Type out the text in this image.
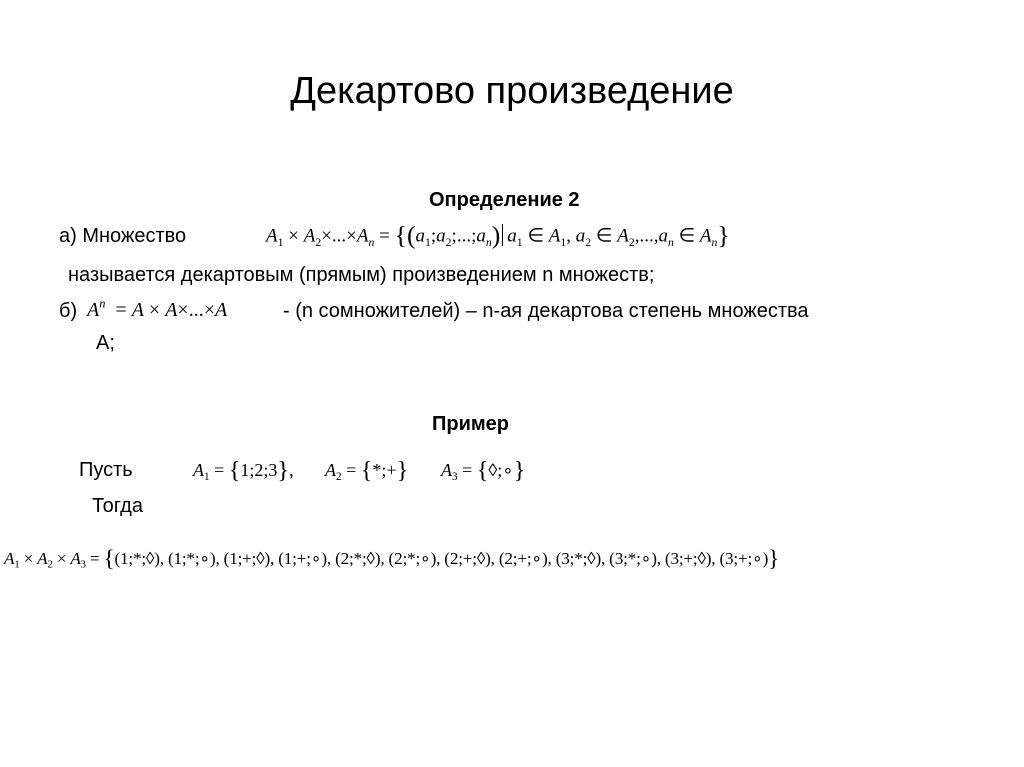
Декартово произведение
Определение 2
а) Множество	$A_1 \times A_2\times...\times A_n$ = {$(a_1;a_2;...;a_n)$ $a_1$ ∈ $A_1$, $a_2$ ∈ $A_2,...,a_n$ ∈ $A_n$}
называется декартовым (прямым) произведением n множеств;
б) $A^n = A \times A\times...\times A$	- (n сомножителей) – n-ая декартова степень множества
А;
Пример
Пусть
Тогда
$A_1$ = {1;2;3}, $A_2$ = {*;+} $A_3$ = {◊;∘}
$A_1 \times A_2 \times A_3$ = {(1;*;◊), (1;*;∘), (1;+;◊), (1;+;∘), (2;*;◊), (2;*;∘), (2;+;◊), (2;+;∘), (3;*;◊), (3;*;∘), (3;+;◊), (3;+;∘)}
